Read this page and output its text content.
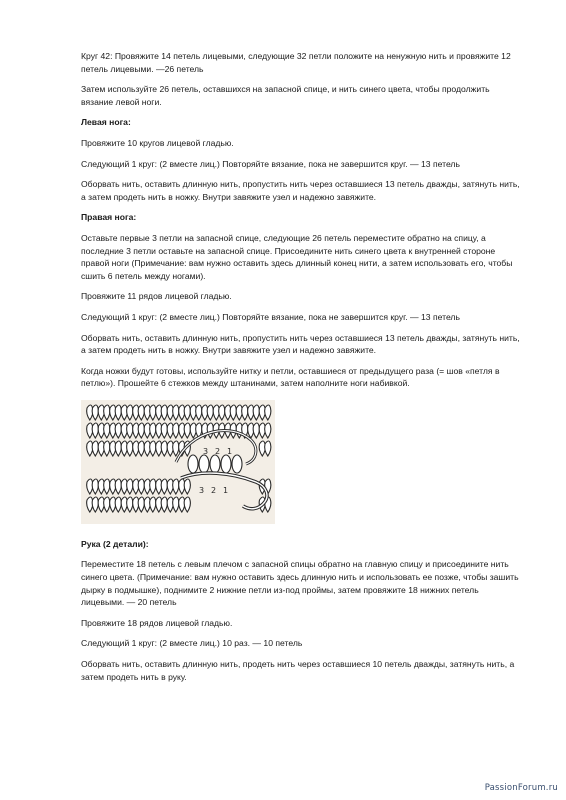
Круг 42: Провяжите 14 петель лицевыми, следующие 32 петли положите на ненужную нить и провяжите 12 петель лицевыми. —26 петель

Затем используйте 26 петель, оставшихся на запасной спице, и нить синего цвета, чтобы продолжить вязание левой ноги.

Левая нога:

Провяжите 10 кругов лицевой гладью.

Следующий 1 круг: (2 вместе лиц.) Повторяйте вязание, пока не завершится круг. — 13 петель

Оборвать нить, оставить длинную нить, пропустить нить через оставшиеся 13 петель дважды, затянуть нить, а затем продеть нить в ножку. Внутри завяжите узел и надежно завяжите.

Правая нога:

Оставьте первые 3 петли на запасной спице, следующие 26 петель переместите обратно на спицу, а последние 3 петли оставьте на запасной спице. Присоедините нить синего цвета к внутренней стороне правой ноги (Примечание: вам нужно оставить здесь длинный конец нити, а затем использовать его, чтобы сшить 6 петель между ногами).

Провяжите 11 рядов лицевой гладью.

Следующий 1 круг: (2 вместе лиц.) Повторяйте вязание, пока не завершится круг. — 13 петель

Оборвать нить, оставить длинную нить, пропустить нить через оставшиеся 13 петель дважды, затянуть нить, а затем продеть нить в ножку. Внутри завяжите узел и надежно завяжите.

Когда ножки будут готовы, используйте нитку и петли, оставшиеся от предыдущего раза (= шов «петля в петлю»). Прошейте 6 стежков между штанинами, затем наполните ноги набивкой.

3 2 1
3 2 1

Рука (2 детали):

Переместите 18 петель с левым плечом с запасной спицы обратно на главную спицу и присоедините нить синего цвета. (Примечание: вам нужно оставить здесь длинную нить и использовать ее позже, чтобы зашить дырку в подмышке), поднимите 2 нижние петли из-под проймы, затем провяжите 18 нижних петель лицевыми. — 20 петель

Провяжите 18 рядов лицевой гладью.

Следующий 1 круг: (2 вместе лиц.) 10 раз. — 10 петель

Оборвать нить, оставить длинную нить, продеть нить через оставшиеся 10 петель дважды, затянуть нить, а затем продеть нить в руку.

PassionForum.ru
